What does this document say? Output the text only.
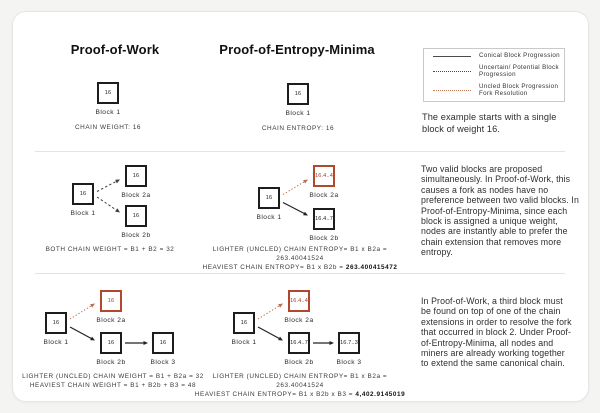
Proof-of-Work	Proof-of-Entropy-Minima	Conical Block Progression
Uncertain/ Potential Block Progression
Uncled Block Progression Fork Resolution
The example starts with a single block of weight 16.
16
Block 1
CHAIN WEIGHT: 16
16
Block 1
CHAIN ENTROPY: 16
16
Block 1
16
Block 2a
16
Block 2b
BOTH CHAIN WEIGHT = B1 + B2 = 32
16
Block 1
16.4..4
Block 2a
16.4..7
Block 2b
LIGHTER (UNCLED) CHAIN ENTROPY= B1 x B2a = 263.40041524
HEAVIEST CHAIN ENTROPY= B1 x B2b = 263.400415472
Two valid blocks are proposed simultaneously. In Proof-of-Work, this causes a fork as nodes have no preference between two valid blocks. In Proof-of-Entropy-Minima, since each block is assigned a unique weight, nodes are instantly able to prefer the chain extension that removes more entropy.
16
Block 1
16
Block 2a
16
Block 2b
16
Block 3
LIGHTER (UNCLED) CHAIN WEIGHT = B1 + B2a = 32
HEAVIEST CHAIN WEIGHT = B1 + B2b + B3 = 48
16
Block 1
16.4..4
Block 2a
16.4..7
Block 2b
16.7..3
Block 3
LIGHTER (UNCLED) CHAIN ENTROPY= B1 x B2a = 263.40041524
HEAVIEST CHAIN ENTROPY= B1 x B2b x B3 = 4,402.9145019
In Proof-of-Work, a third block must be found on top of one of the chain extensions in order to resolve the fork that occurred in block 2. Under Proof-of-Entropy-Minima, all nodes and miners are already working together to extend the same canonical chain.
